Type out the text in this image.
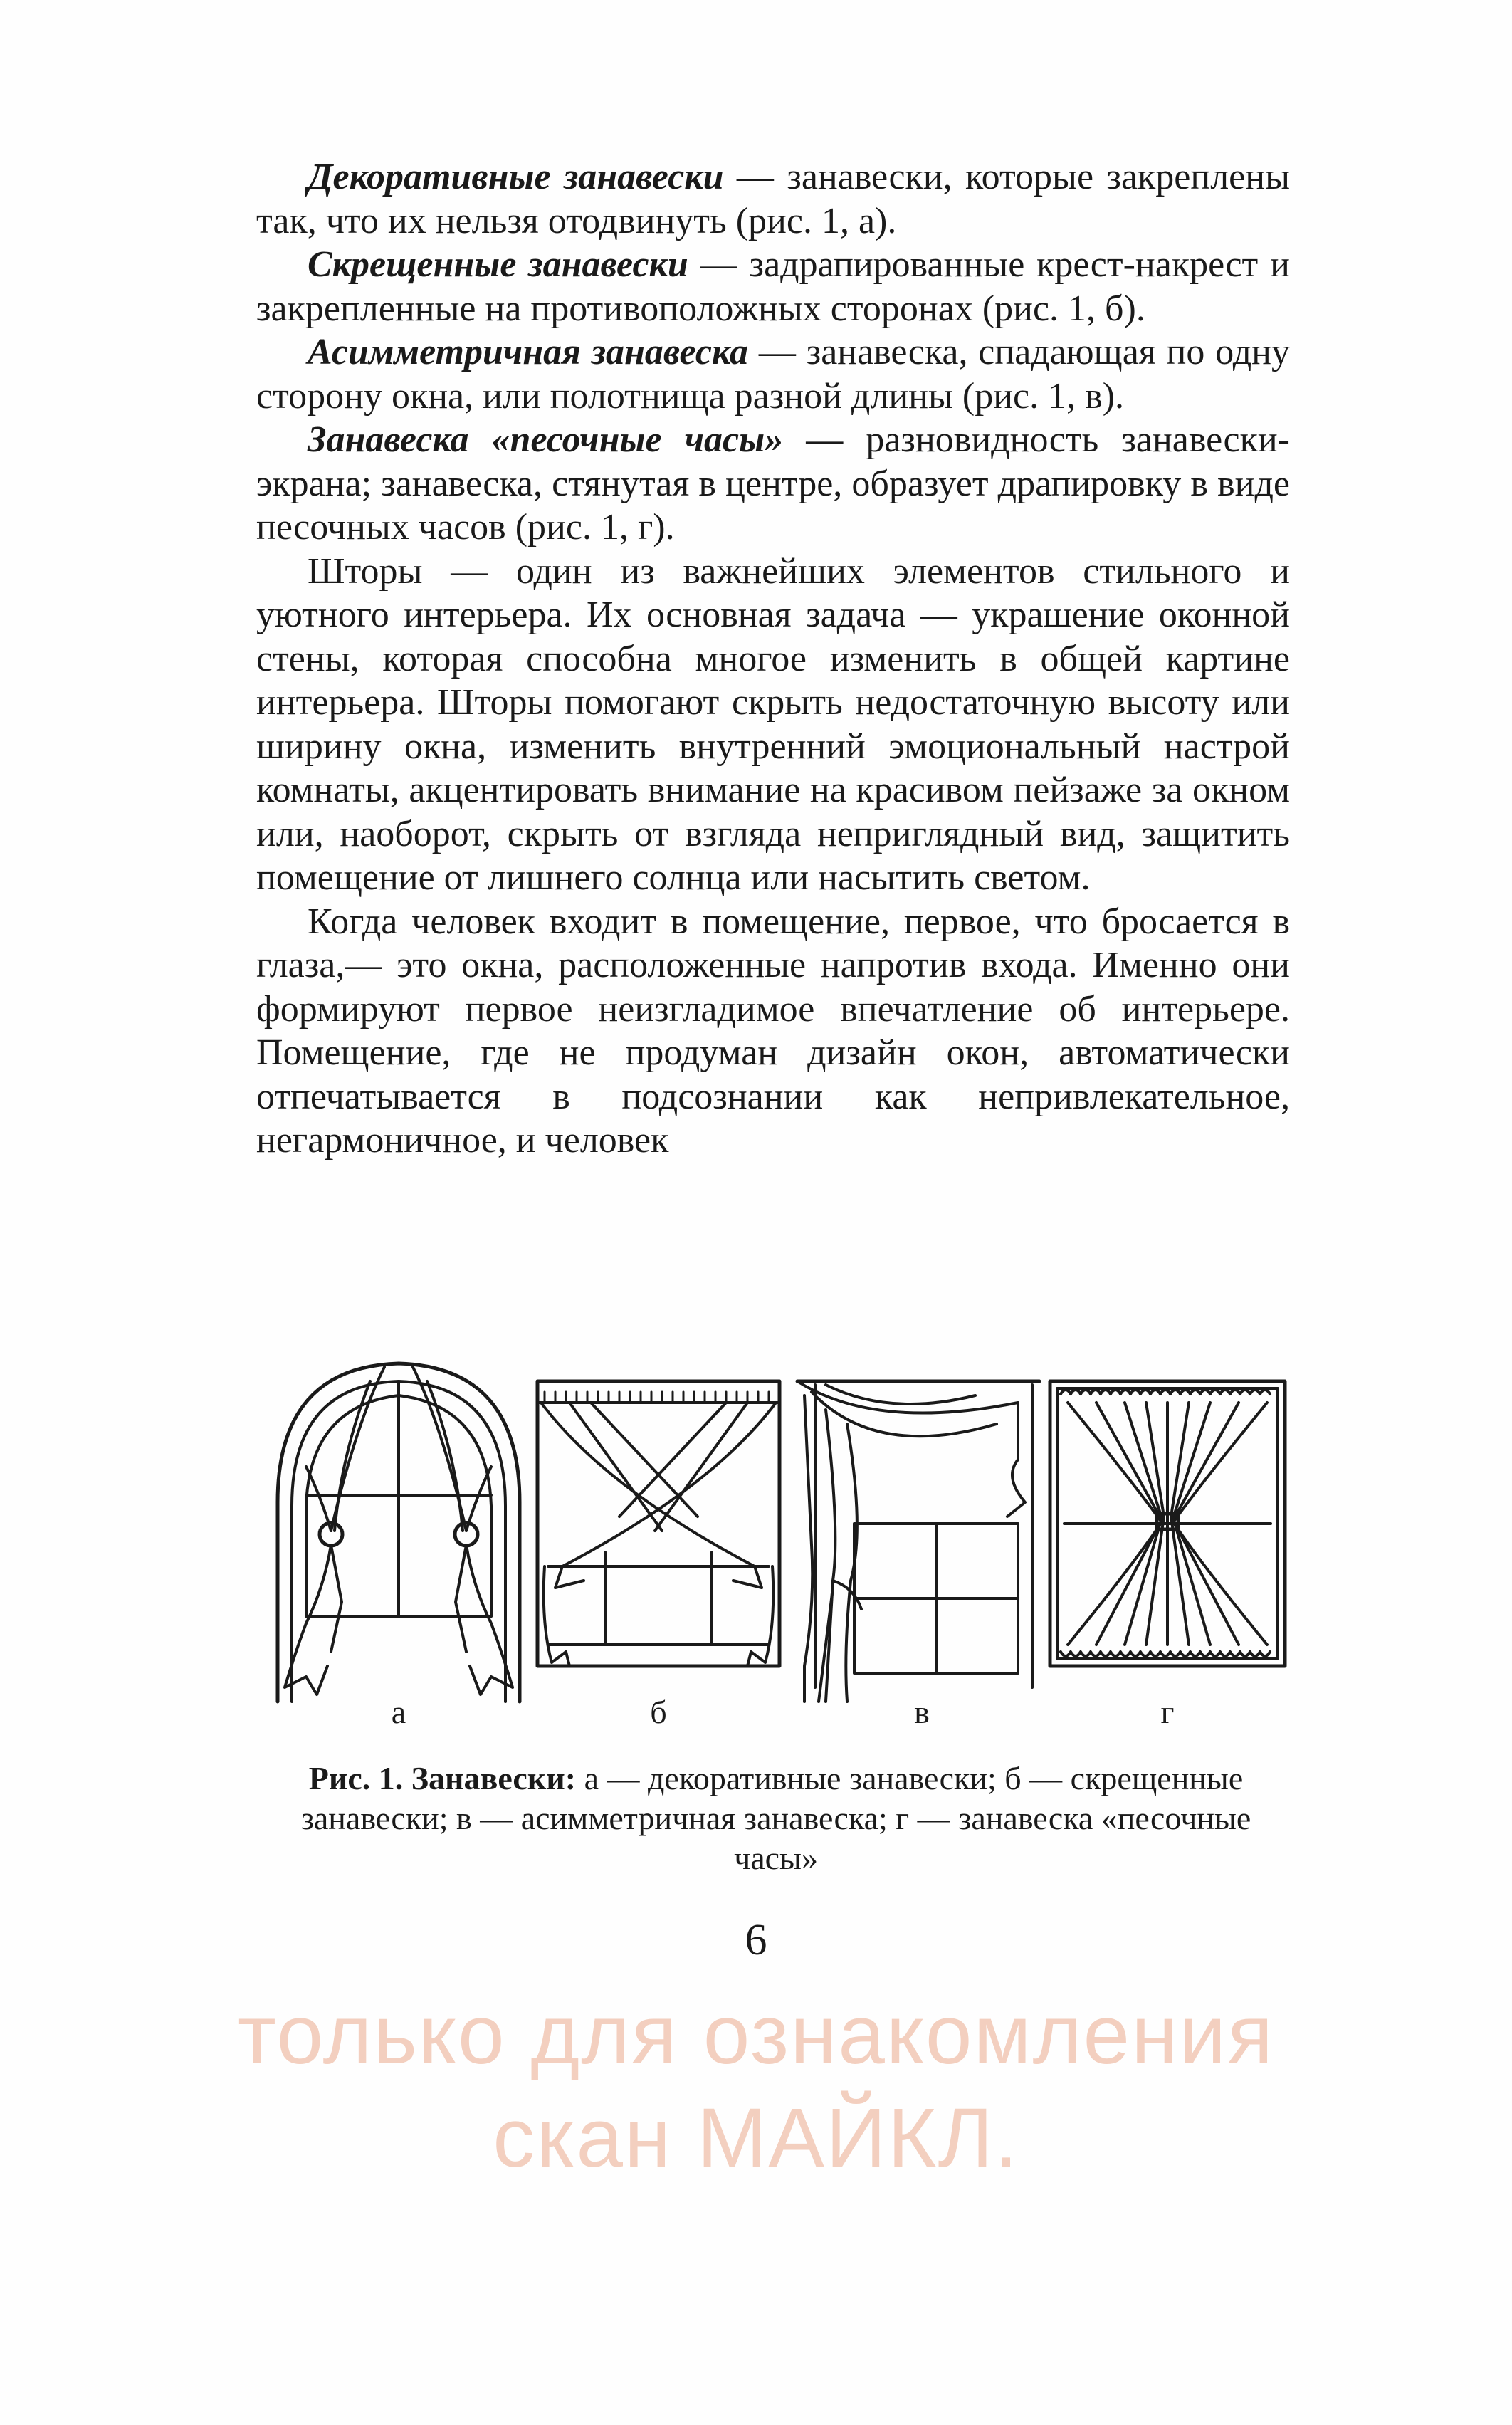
Декоративные занавески — занавески, которые закреплены так, что их нельзя отодвинуть (рис. 1, а).

Скрещенные занавески — задрапированные крест-накрест и закрепленные на противоположных сторонах (рис. 1, б).

Асимметричная занавеска — занавеска, спадающая по одну сторону окна, или полотнища разной длины (рис. 1, в).

Занавеска «песочные часы» — разновидность занавески-экрана; занавеска, стянутая в центре, образует драпировку в виде песочных часов (рис. 1, г).

Шторы — один из важнейших элементов стильного и уютного интерьера. Их основная задача — украшение оконной стены, которая способна многое изменить в общей картине интерьера. Шторы помогают скрыть недостаточную высоту или ширину окна, изменить внутренний эмоциональный настрой комнаты, акцентировать внимание на красивом пейзаже за окном или, наоборот, скрыть от взгляда неприглядный вид, защитить помещение от лишнего солнца или насытить светом.

Когда человек входит в помещение, первое, что бросается в глаза,— это окна, расположенные напротив входа. Именно они формируют первое неизгладимое впечатление об интерьере. Помещение, где не продуман дизайн окон, автоматически отпечатывается в подсознании как непривлекательное, негармоничное, и человек

а	б	в	г
Рис. 1. Занавески: а — декоративные занавески; б — скрещенные занавески; в — асимметричная занавеска; г — занавеска «песочные часы»
6
только для ознакомления
скан МАЙКЛ.
